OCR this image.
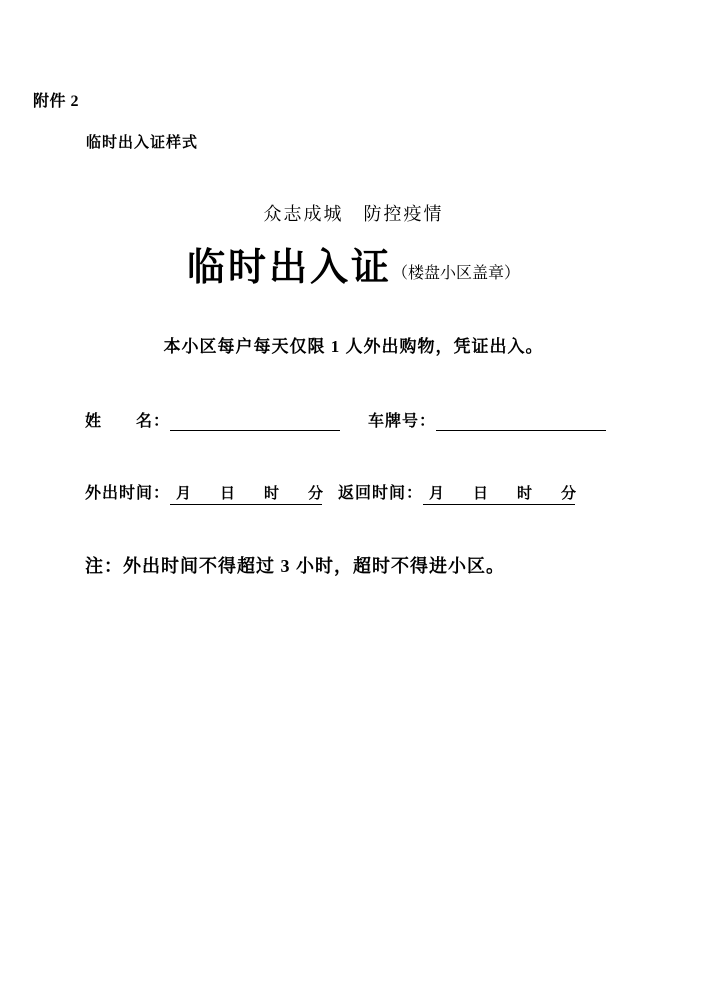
附件 2
临时出入证样式
众志成城　防控疫情
临时出入证（楼盘小区盖章）
本小区每户每天仅限 1 人外出购物，凭证出入。
姓　　名：	车牌号：
外出时间： 月　日　时　分 返回时间： 月　日　时　分
注：外出时间不得超过 3 小时，超时不得进小区。
